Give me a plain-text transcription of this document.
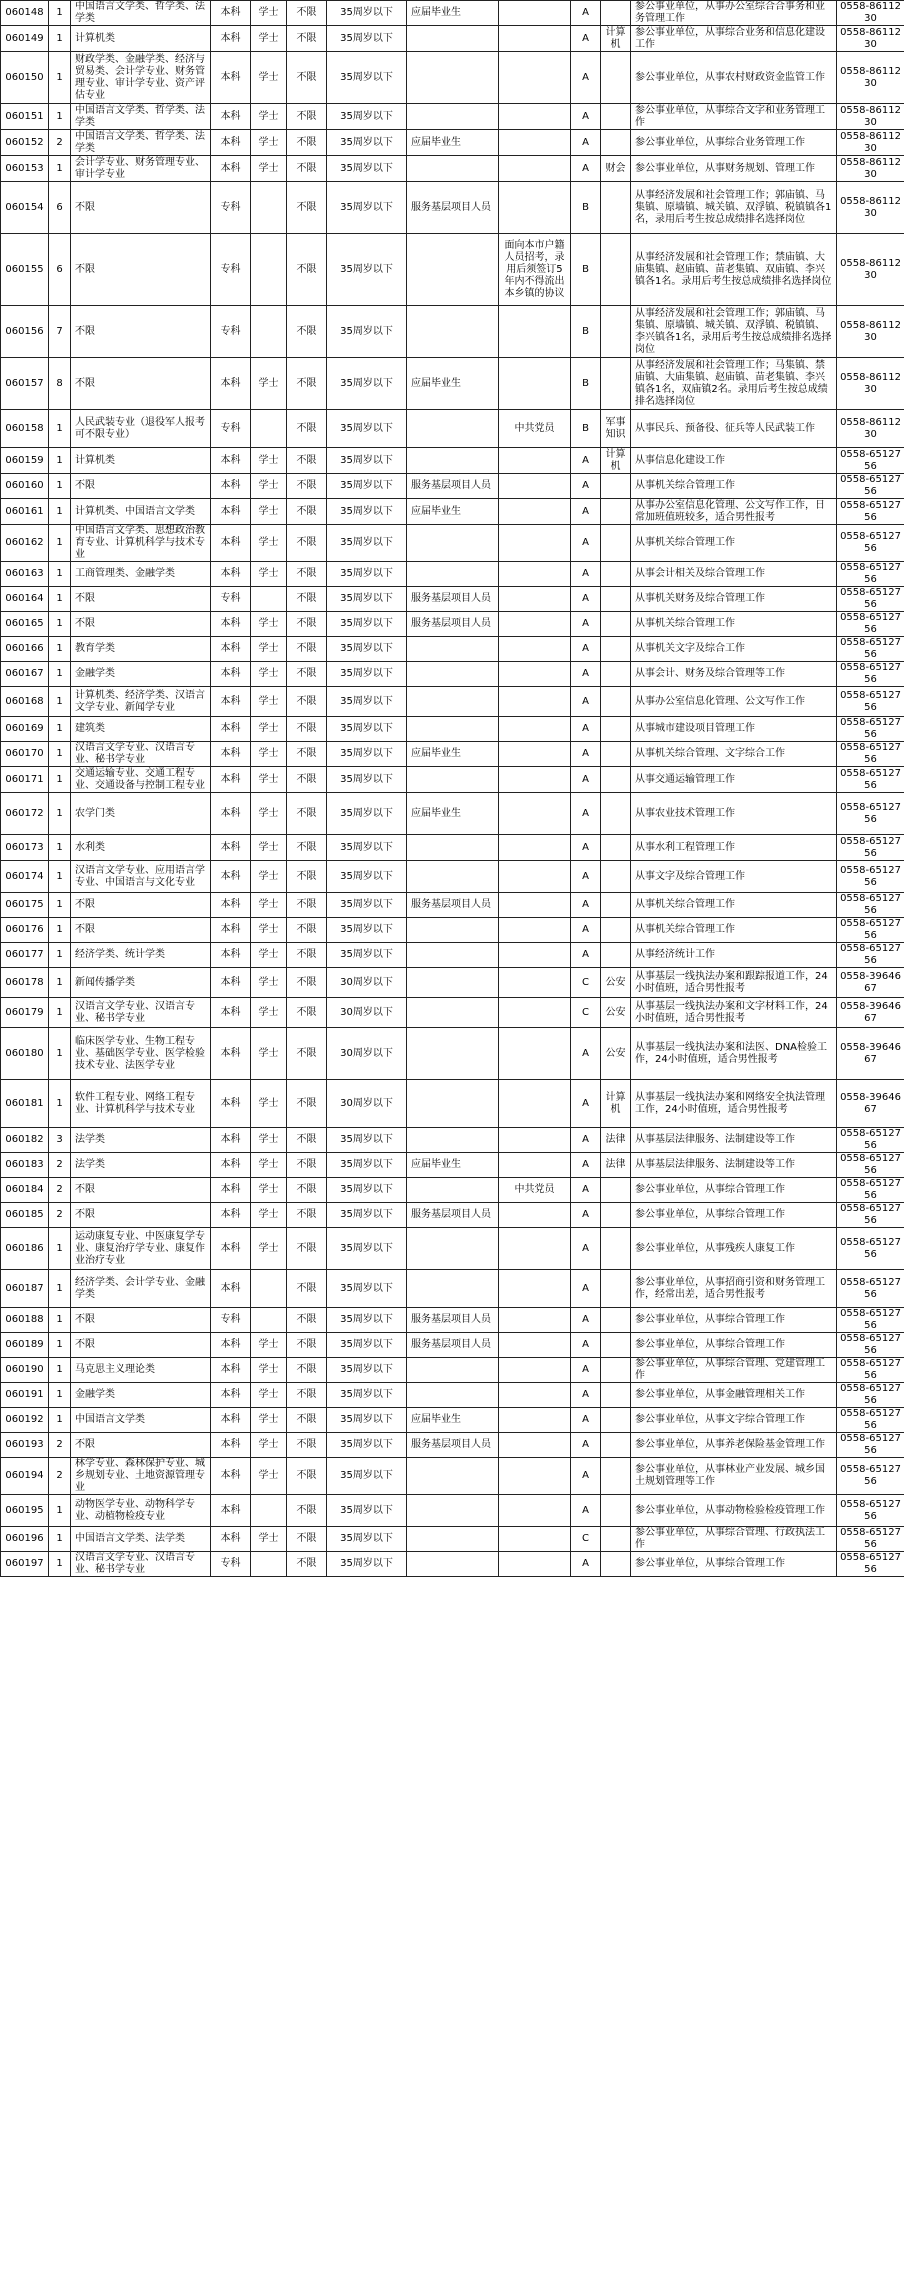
060148	1	中国语言文学类、哲学类、法学类	本科	学士	不限	35周岁以下	应届毕业生		A		参公事业单位，从事办公室综合合事务和业务管理工作	0558-8611230	
060149	1	计算机类	本科	学士	不限	35周岁以下			A	计算机	参公事业单位，从事综合业务和信息化建设工作	0558-8611230	
060150	1	财政学类、金融学类、经济与贸易类、会计学专业、财务管理专业、审计学专业、资产评估专业	本科	学士	不限	35周岁以下			A		参公事业单位，从事农村财政资金监管工作	0558-8611230	
060151	1	中国语言文学类、哲学类、法学类	本科	学士	不限	35周岁以下			A		参公事业单位，从事综合文字和业务管理工作	0558-8611230	
060152	2	中国语言文学类、哲学类、法学类	本科	学士	不限	35周岁以下	应届毕业生		A		参公事业单位，从事综合业务管理工作	0558-8611230	
060153	1	会计学专业、财务管理专业、审计学专业	本科	学士	不限	35周岁以下			A	财会	参公事业单位，从事财务规划、管理工作	0558-8611230	
060154	6	不限	专科		不限	35周岁以下	服务基层项目人员		B		从事经济发展和社会管理工作；郭庙镇、马集镇、原墙镇、城关镇、双浮镇、税镇镇各1名，录用后考生按总成绩排名选择岗位	0558-8611230	
060155	6	不限	专科		不限	35周岁以下		面向本市户籍人员招考，录用后须签订5年内不得流出本乡镇的协议	B		从事经济发展和社会管理工作；禁庙镇、大庙集镇、赵庙镇、苗老集镇、双庙镇、李兴镇各1名。录用后考生按总成绩排名选择岗位	0558-8611230	
060156	7	不限	专科		不限	35周岁以下			B		从事经济发展和社会管理工作；郭庙镇、马集镇、原墙镇、城关镇、双浮镇、税镇镇、李兴镇各1名，录用后考生按总成绩排名选择岗位	0558-8611230	
060157	8	不限	本科	学士	不限	35周岁以下	应届毕业生		B		从事经济发展和社会管理工作；马集镇、禁庙镇、大庙集镇、赵庙镇、苗老集镇、李兴镇各1名，双庙镇2名。录用后考生按总成绩排名选择岗位	0558-8611230	
060158	1	人民武装专业（退役军人报考可不限专业）	专科		不限	35周岁以下		中共党员	B	军事知识	从事民兵、预备役、征兵等人民武装工作	0558-8611230	
060159	1	计算机类	本科	学士	不限	35周岁以下			A	计算机	从事信息化建设工作	0558-6512756	
060160	1	不限	本科	学士	不限	35周岁以下	服务基层项目人员		A		从事机关综合管理工作	0558-6512756	
060161	1	计算机类、中国语言文学类	本科	学士	不限	35周岁以下	应届毕业生		A		从事办公室信息化管理、公文写作工作，日常加班值班较多，适合男性报考	0558-6512756	
060162	1	中国语言文学类、思想政治教育专业、计算机科学与技术专业	本科	学士	不限	35周岁以下			A		从事机关综合管理工作	0558-6512756	
060163	1	工商管理类、金融学类	本科	学士	不限	35周岁以下			A		从事会计相关及综合管理工作	0558-6512756	
060164	1	不限	专科		不限	35周岁以下	服务基层项目人员		A		从事机关财务及综合管理工作	0558-6512756	
060165	1	不限	本科	学士	不限	35周岁以下	服务基层项目人员		A		从事机关综合管理工作	0558-6512756	
060166	1	教育学类	本科	学士	不限	35周岁以下			A		从事机关文字及综合工作	0558-6512756	
060167	1	金融学类	本科	学士	不限	35周岁以下			A		从事会计、财务及综合管理等工作	0558-6512756	
060168	1	计算机类、经济学类、汉语言文学专业、新闻学专业	本科	学士	不限	35周岁以下			A		从事办公室信息化管理、公文写作工作	0558-6512756	
060169	1	建筑类	本科	学士	不限	35周岁以下			A		从事城市建设项目管理工作	0558-6512756	
060170	1	汉语言文学专业、汉语言专业、秘书学专业	本科	学士	不限	35周岁以下	应届毕业生		A		从事机关综合管理、文字综合工作	0558-6512756	
060171	1	交通运输专业、交通工程专业、交通设备与控制工程专业	本科	学士	不限	35周岁以下			A		从事交通运输管理工作	0558-6512756	
060172	1	农学门类	本科	学士	不限	35周岁以下	应届毕业生		A		从事农业技术管理工作	0558-6512756	
060173	1	水利类	本科	学士	不限	35周岁以下			A		从事水利工程管理工作	0558-6512756	
060174	1	汉语言文学专业、应用语言学专业、中国语言与文化专业	本科	学士	不限	35周岁以下			A		从事文字及综合管理工作	0558-6512756	
060175	1	不限	本科	学士	不限	35周岁以下	服务基层项目人员		A		从事机关综合管理工作	0558-6512756	
060176	1	不限	本科	学士	不限	35周岁以下			A		从事机关综合管理工作	0558-6512756	
060177	1	经济学类、统计学类	本科	学士	不限	35周岁以下			A		从事经济统计工作	0558-6512756	
060178	1	新闻传播学类	本科	学士	不限	30周岁以下			C	公安	从事基层一线执法办案和跟踪报道工作，24小时值班，适合男性报考	0558-3964667	
060179	1	汉语言文学专业、汉语言专业、秘书学专业	本科	学士	不限	30周岁以下			C	公安	从事基层一线执法办案和文字材料工作，24小时值班，适合男性报考	0558-3964667	
060180	1	临床医学专业、生物工程专业、基础医学专业、医学检验技术专业、法医学专业	本科	学士	不限	30周岁以下			A	公安	从事基层一线执法办案和法医、DNA检验工作，24小时值班，适合男性报考	0558-3964667	
060181	1	软件工程专业、网络工程专业、计算机科学与技术专业	本科	学士	不限	30周岁以下			A	计算机	从事基层一线执法办案和网络安全执法管理工作，24小时值班，适合男性报考	0558-3964667	
060182	3	法学类	本科	学士	不限	35周岁以下			A	法律	从事基层法律服务、法制建设等工作	0558-6512756	
060183	2	法学类	本科	学士	不限	35周岁以下	应届毕业生		A	法律	从事基层法律服务、法制建设等工作	0558-6512756	
060184	2	不限	本科	学士	不限	35周岁以下		中共党员	A		参公事业单位，从事综合管理工作	0558-6512756	
060185	2	不限	本科	学士	不限	35周岁以下	服务基层项目人员		A		参公事业单位，从事综合管理工作	0558-6512756	
060186	1	运动康复专业、中医康复学专业、康复治疗学专业、康复作业治疗专业	本科	学士	不限	35周岁以下			A		参公事业单位，从事残疾人康复工作	0558-6512756	
060187	1	经济学类、会计学专业、金融学类	本科		不限	35周岁以下			A		参公事业单位，从事招商引资和财务管理工作，经常出差，适合男性报考	0558-6512756	
060188	1	不限	专科		不限	35周岁以下	服务基层项目人员		A		参公事业单位，从事综合管理工作	0558-6512756	
060189	1	不限	本科	学士	不限	35周岁以下	服务基层项目人员		A		参公事业单位，从事综合管理工作	0558-6512756	
060190	1	马克思主义理论类	本科	学士	不限	35周岁以下			A		参公事业单位，从事综合管理、党建管理工作	0558-6512756	
060191	1	金融学类	本科	学士	不限	35周岁以下			A		参公事业单位，从事金融管理相关工作	0558-6512756	
060192	1	中国语言文学类	本科	学士	不限	35周岁以下	应届毕业生		A		参公事业单位，从事文字综合管理工作	0558-6512756	
060193	2	不限	本科	学士	不限	35周岁以下	服务基层项目人员		A		参公事业单位，从事养老保险基金管理工作	0558-6512756	
060194	2	林学专业、森林保护专业、城乡规划专业、土地资源管理专业	本科	学士	不限	35周岁以下			A		参公事业单位，从事林业产业发展、城乡国土规划管理等工作	0558-6512756	
060195	1	动物医学专业、动物科学专业、动植物检疫专业	本科		不限	35周岁以下			A		参公事业单位，从事动物检验检疫管理工作	0558-6512756	
060196	1	中国语言文学类、法学类	本科	学士	不限	35周岁以下			C		参公事业单位，从事综合管理、行政执法工作	0558-6512756	
060197	1	汉语言文学专业、汉语言专业、秘书学专业	专科		不限	35周岁以下			A		参公事业单位，从事综合管理工作	0558-6512756	
